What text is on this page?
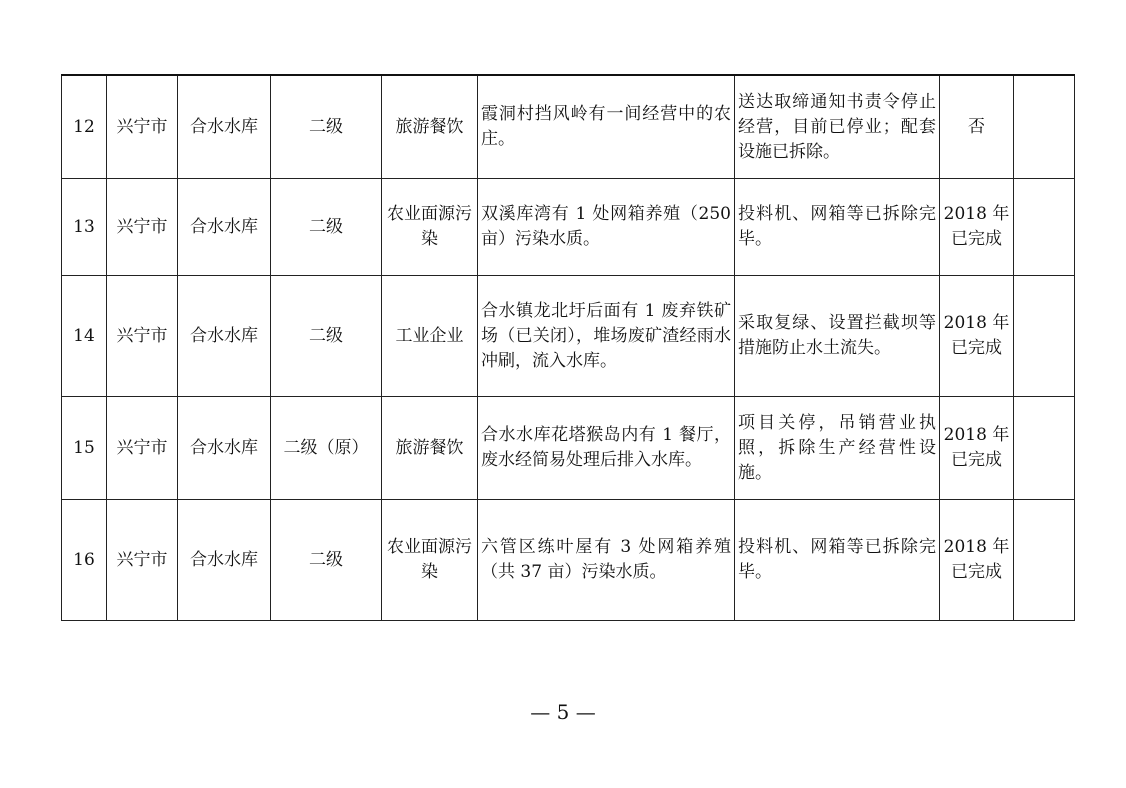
12	兴宁市	合水水库	二级	旅游餐饮	霞洞村挡风岭有一间经营中的农庄。	送达取缔通知书责令停止经营，目前已停业；配套设施已拆除。	否	
13	兴宁市	合水水库	二级	农业面源污染	双溪库湾有 1 处网箱养殖（250 亩）污染水质。	投料机、网箱等已拆除完毕。	2018 年已完成	
14	兴宁市	合水水库	二级	工业企业	合水镇龙北圩后面有 1 废弃铁矿场（已关闭），堆场废矿渣经雨水冲刷，流入水库。	采取复绿、设置拦截坝等措施防止水土流失。	2018 年已完成	
15	兴宁市	合水水库	二级（原）	旅游餐饮	合水水库花塔猴岛内有 1 餐厅，废水经简易处理后排入水库。	项目关停，吊销营业执照，拆除生产经营性设施。	2018 年已完成	
16	兴宁市	合水水库	二级	农业面源污染	六管区练叶屋有 3 处网箱养殖（共 37 亩）污染水质。	投料机、网箱等已拆除完毕。	2018 年已完成	
— 5 —
